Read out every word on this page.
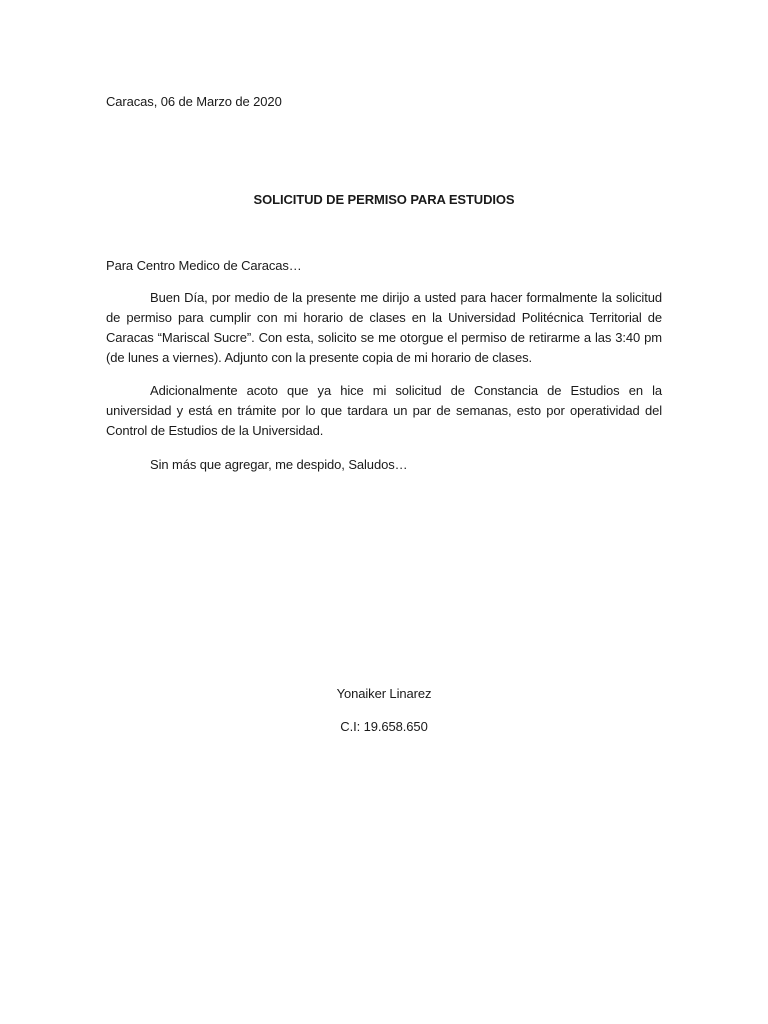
Caracas, 06 de Marzo de 2020
SOLICITUD DE PERMISO PARA ESTUDIOS
Para Centro Medico de Caracas…

Buen Día, por medio de la presente me dirijo a usted para hacer formalmente la solicitud de permiso para cumplir con mi horario de clases en la Universidad Politécnica Territorial de Caracas “Mariscal Sucre”. Con esta, solicito se me otorgue el permiso de retirarme a las 3:40 pm (de lunes a viernes). Adjunto con la presente copia de mi horario de clases.

Adicionalmente acoto que ya hice mi solicitud de Constancia de Estudios en la universidad y está en trámite por lo que tardara un par de semanas, esto por operatividad del Control de Estudios de la Universidad.

Sin más que agregar, me despido, Saludos…

Yonaiker Linarez
C.I: 19.658.650
